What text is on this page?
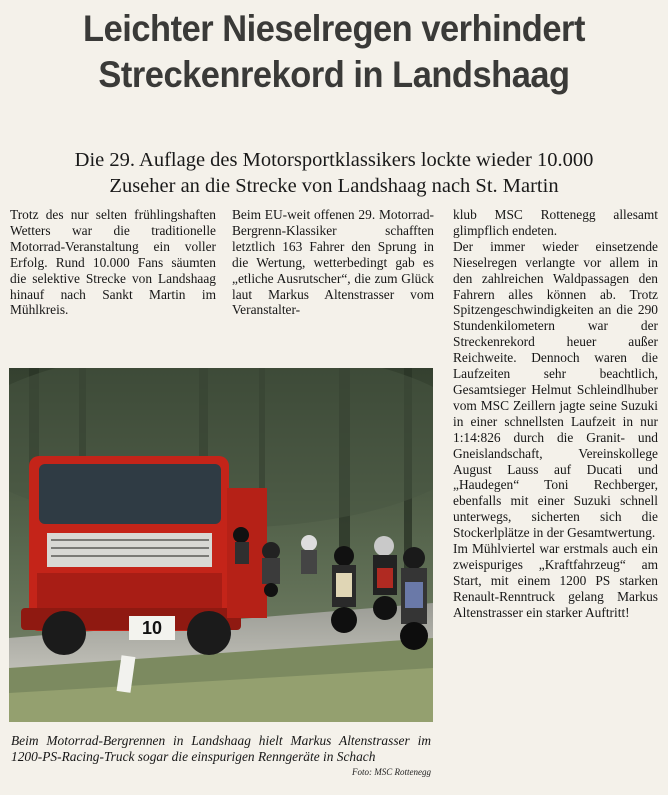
Leichter Nieselregen verhindert
Streckenrekord in Landshaag
Die 29. Auflage des Motorsportklassikers lockte wieder 10.000
Zuseher an die Strecke von Landshaag nach St. Martin

Trotz des nur selten frühlingshaften Wetters war die traditionelle Motorrad-Veranstaltung ein voller Erfolg. Rund 10.000 Fans säumten die selektive Strecke von Landshaag hinauf nach Sankt Martin im Mühlkreis.

Beim EU-weit offenen 29. Motorrad-Bergrenn-Klassiker schafften letztlich 163 Fahrer den Sprung in die Wertung, wetterbedingt gab es „etliche Ausrutscher“, die zum Glück laut Markus Altenstrasser vom Veranstalter-

klub MSC Rottenegg allesamt glimpflich endeten.

Der immer wieder einsetzende Nieselregen verlangte vor allem in den zahlreichen Waldpassagen den Fahrern alles können ab. Trotz Spitzengeschwindigkeiten an die 290 Stundenkilometern war der Streckenrekord heuer außer Reichweite. Dennoch waren die Laufzeiten sehr beachtlich, Gesamtsieger Helmut Schleindlhuber vom MSC Zeillern jagte seine Suzuki in einer schnellsten Laufzeit in nur 1:14:826 durch die Granit- und Gneislandschaft, Vereinskollege August Lauss auf Ducati und „Haudegen“ Toni Rechberger, ebenfalls mit einer Suzuki schnell unterwegs, sicherten sich die Stockerlplätze in der Gesamtwertung.

Im Mühlviertel war erstmals auch ein zweispuriges „Kraftfahrzeug“ am Start, mit einem 1200 PS starken Renault-Renntruck gelang Markus Altenstrasser ein starker Auftritt!

10
Beim Motorrad-Bergrennen in Landshaag hielt Markus Altenstrasser im 1200-PS-Racing-Truck sogar die einspurigen Renngeräte in Schach
Foto: MSC Rottenegg
